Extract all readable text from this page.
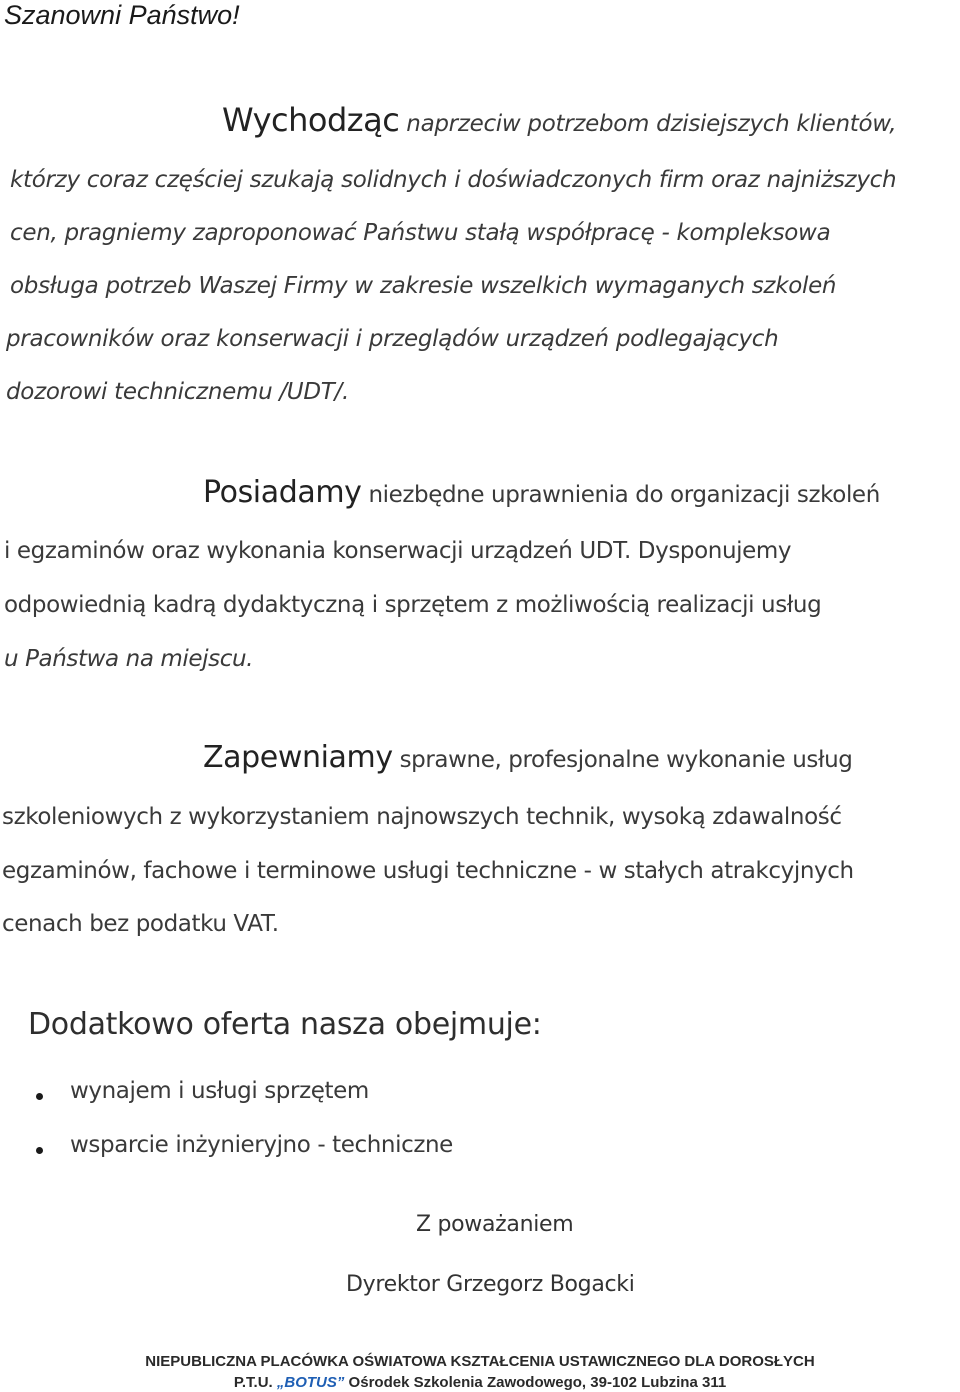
Szanowni Państwo!
Wychodząc naprzeciw potrzebom dzisiejszych klientów,
którzy coraz częściej szukają solidnych i doświadczonych firm oraz najniższych
cen, pragniemy zaproponować Państwu stałą współpracę - kompleksowa
obsługa potrzeb Waszej Firmy w zakresie wszelkich wymaganych szkoleń
pracowników oraz konserwacji i przeglądów urządzeń podlegających
dozorowi technicznemu /UDT/.
Posiadamy niezbędne uprawnienia do organizacji szkoleń
i egzaminów oraz wykonania konserwacji urządzeń UDT. Dysponujemy
odpowiednią kadrą dydaktyczną i sprzętem z możliwością realizacji usług
u Państwa na miejscu.
Zapewniamy sprawne, profesjonalne wykonanie usług
szkoleniowych z wykorzystaniem najnowszych technik, wysoką zdawalność
egzaminów, fachowe i terminowe usługi techniczne - w stałych atrakcyjnych
cenach bez podatku VAT.
Dodatkowo oferta nasza obejmuje:
wynajem i usługi sprzętem
wsparcie inżynieryjno - techniczne
Z poważaniem
Dyrektor Grzegorz Bogacki
NIEPUBLICZNA PLACÓWKA OŚWIATOWA KSZTAŁCENIA USTAWICZNEGO DLA DOROSŁYCH
P.T.U. „BOTUS” Ośrodek Szkolenia Zawodowego, 39-102 Lubzina 311
